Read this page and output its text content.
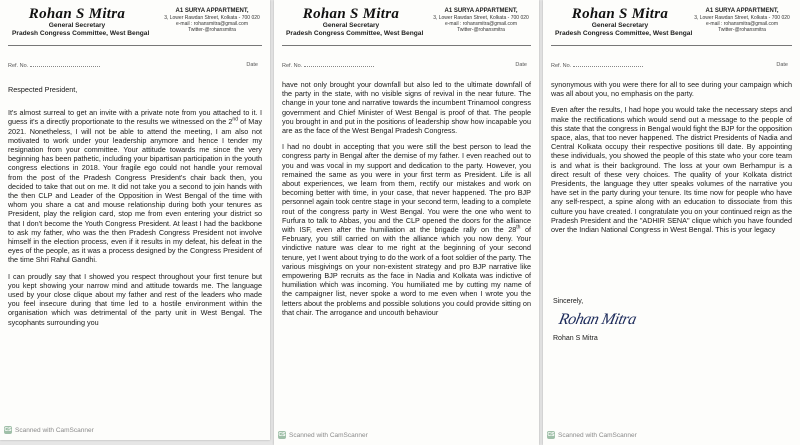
Rohan S Mitra
General Secretary
Pradesh Congress Committee, West Bengal
A1 SURYA APPARTMENT,
3, Lower Rawdan Street, Kolkata - 700 020
e-mail : rohansmitra@gmail.com
Twitter-@rohansmitra
Ref. No.	Date

Respected President,

It's almost surreal to get an invite with a private note from you attached to it. I guess it's a directly proportionate to the results we witnessed on the 2nd of May 2021. Nonetheless, I will not be able to attend the meeting, I am also not motivated to work under your leadership anymore and hence I tender my resignation from your committee. Your attitude towards me since the very beginning has been pathetic, including your bipartisan participation in the youth congress elections in 2018. Your fragile ego could not handle your removal from the post of the Pradesh Congress President's chair back then, you decided to take that out on me. It did not take you a second to join hands with the then CLP and Leader of the Opposition in West Bengal of the time with whom you share a cat and mouse relationship during both your tenures as President, play the religion card, stop me from even entering your district so that I don't become the Youth Congress President. At least I had the backbone to ask my father, who was the then Pradesh Congress President not involve himself in the election process, even if it results in my defeat, his defeat in the eyes of the people, as it was a process designed by the Congress President of the time Shri Rahul Gandhi.

I can proudly say that I showed you respect throughout your first tenure but you kept showing your narrow mind and attitude towards me. The language used by your close clique about my father and rest of the leaders who made you feel insecure during that time led to a hostile environment within the organisation which was detrimental of the party unit in West Bengal. The sycophants surrounding you

CS Scanned with CamScanner
Rohan S Mitra
General Secretary
Pradesh Congress Committee, West Bengal
A1 SURYA APPARTMENT,
3, Lower Rawdan Street, Kolkata - 700 020
e-mail : rohansmitra@gmail.com
Twitter-@rohansmitra
Ref. No.	Date

have not only brought your downfall but also led to the ultimate downfall of the party in the state, with no visible signs of revival in the near future. The change in your tone and narrative towards the incumbent Trinamool congress government and Chief Minister of West Bengal is proof of that. The people you brought in and put in the positions of leadership show how incapable you are as the face of the West Bengal Pradesh Congress.

I had no doubt in accepting that you were still the best person to lead the congress party in Bengal after the demise of my father. I even reached out to you and was vocal in my support and dedication to the party. However, you remained the same as you were in your first term as President. Life is all about experiences, we learn from them, rectify our mistakes and work on becoming better with time, in your case, that never happened. The pro BJP personnel again took centre stage in your second term, leading to a complete rout of the congress party in West Bengal. You were the one who went to Furfura to talk to Abbas, you and the CLP opened the doors for the alliance with ISF, even after the humiliation at the brigade rally on the 28th of February, you still carried on with the alliance which you now deny. Your vindictive nature was clear to me right at the beginning of your second tenure, yet I went about trying to do the work of a foot soldier of the party. The various misgivings on your non-existent strategy and pro BJP narrative like empowering BJP recruits as the face in Nadia and Kolkata was indictive of humiliation which was incoming. You humiliated me by cutting my name of the campaigner list, never spoke a word to me even when I wrote you the letters about the problems and possible solutions you could provide sitting on that chair. The arrogance and uncouth behaviour

CS Scanned with CamScanner
Rohan S Mitra
General Secretary
Pradesh Congress Committee, West Bengal
A1 SURYA APPARTMENT,
3, Lower Rawdan Street, Kolkata - 700 020
e-mail : rohansmitra@gmail.com
Twitter-@rohansmitra
Ref. No.	Date

synonymous with you were there for all to see during your campaign which was all about you, no emphasis on the party.

Even after the results, I had hope you would take the necessary steps and make the rectifications which would send out a message to the people of this state that the congress in Bengal would fight the BJP for the opposition space, alas, that too never happened. The district Presidents of Nadia and Central Kolkata occupy their respective positions till date. By appointing these individuals, you showed the people of this state who your core team is and what is their background. The loss at your own Berhampur is a direct result of these very choices. The quality of your Kolkata district Presidents, the language they utter speaks volumes of the narrative you have set in the party during your tenure. Its time now for people who have any self-respect, a spine along with an education to dissociate from this culture you have created. I congratulate you on your continued reign as the Pradesh President and the "ADHIR SENA" clique which you have founded over the Indian National Congress in West Bengal. This is your legacy

Sincerely,
Rohan Mitra
Rohan S Mitra
CS Scanned with CamScanner
